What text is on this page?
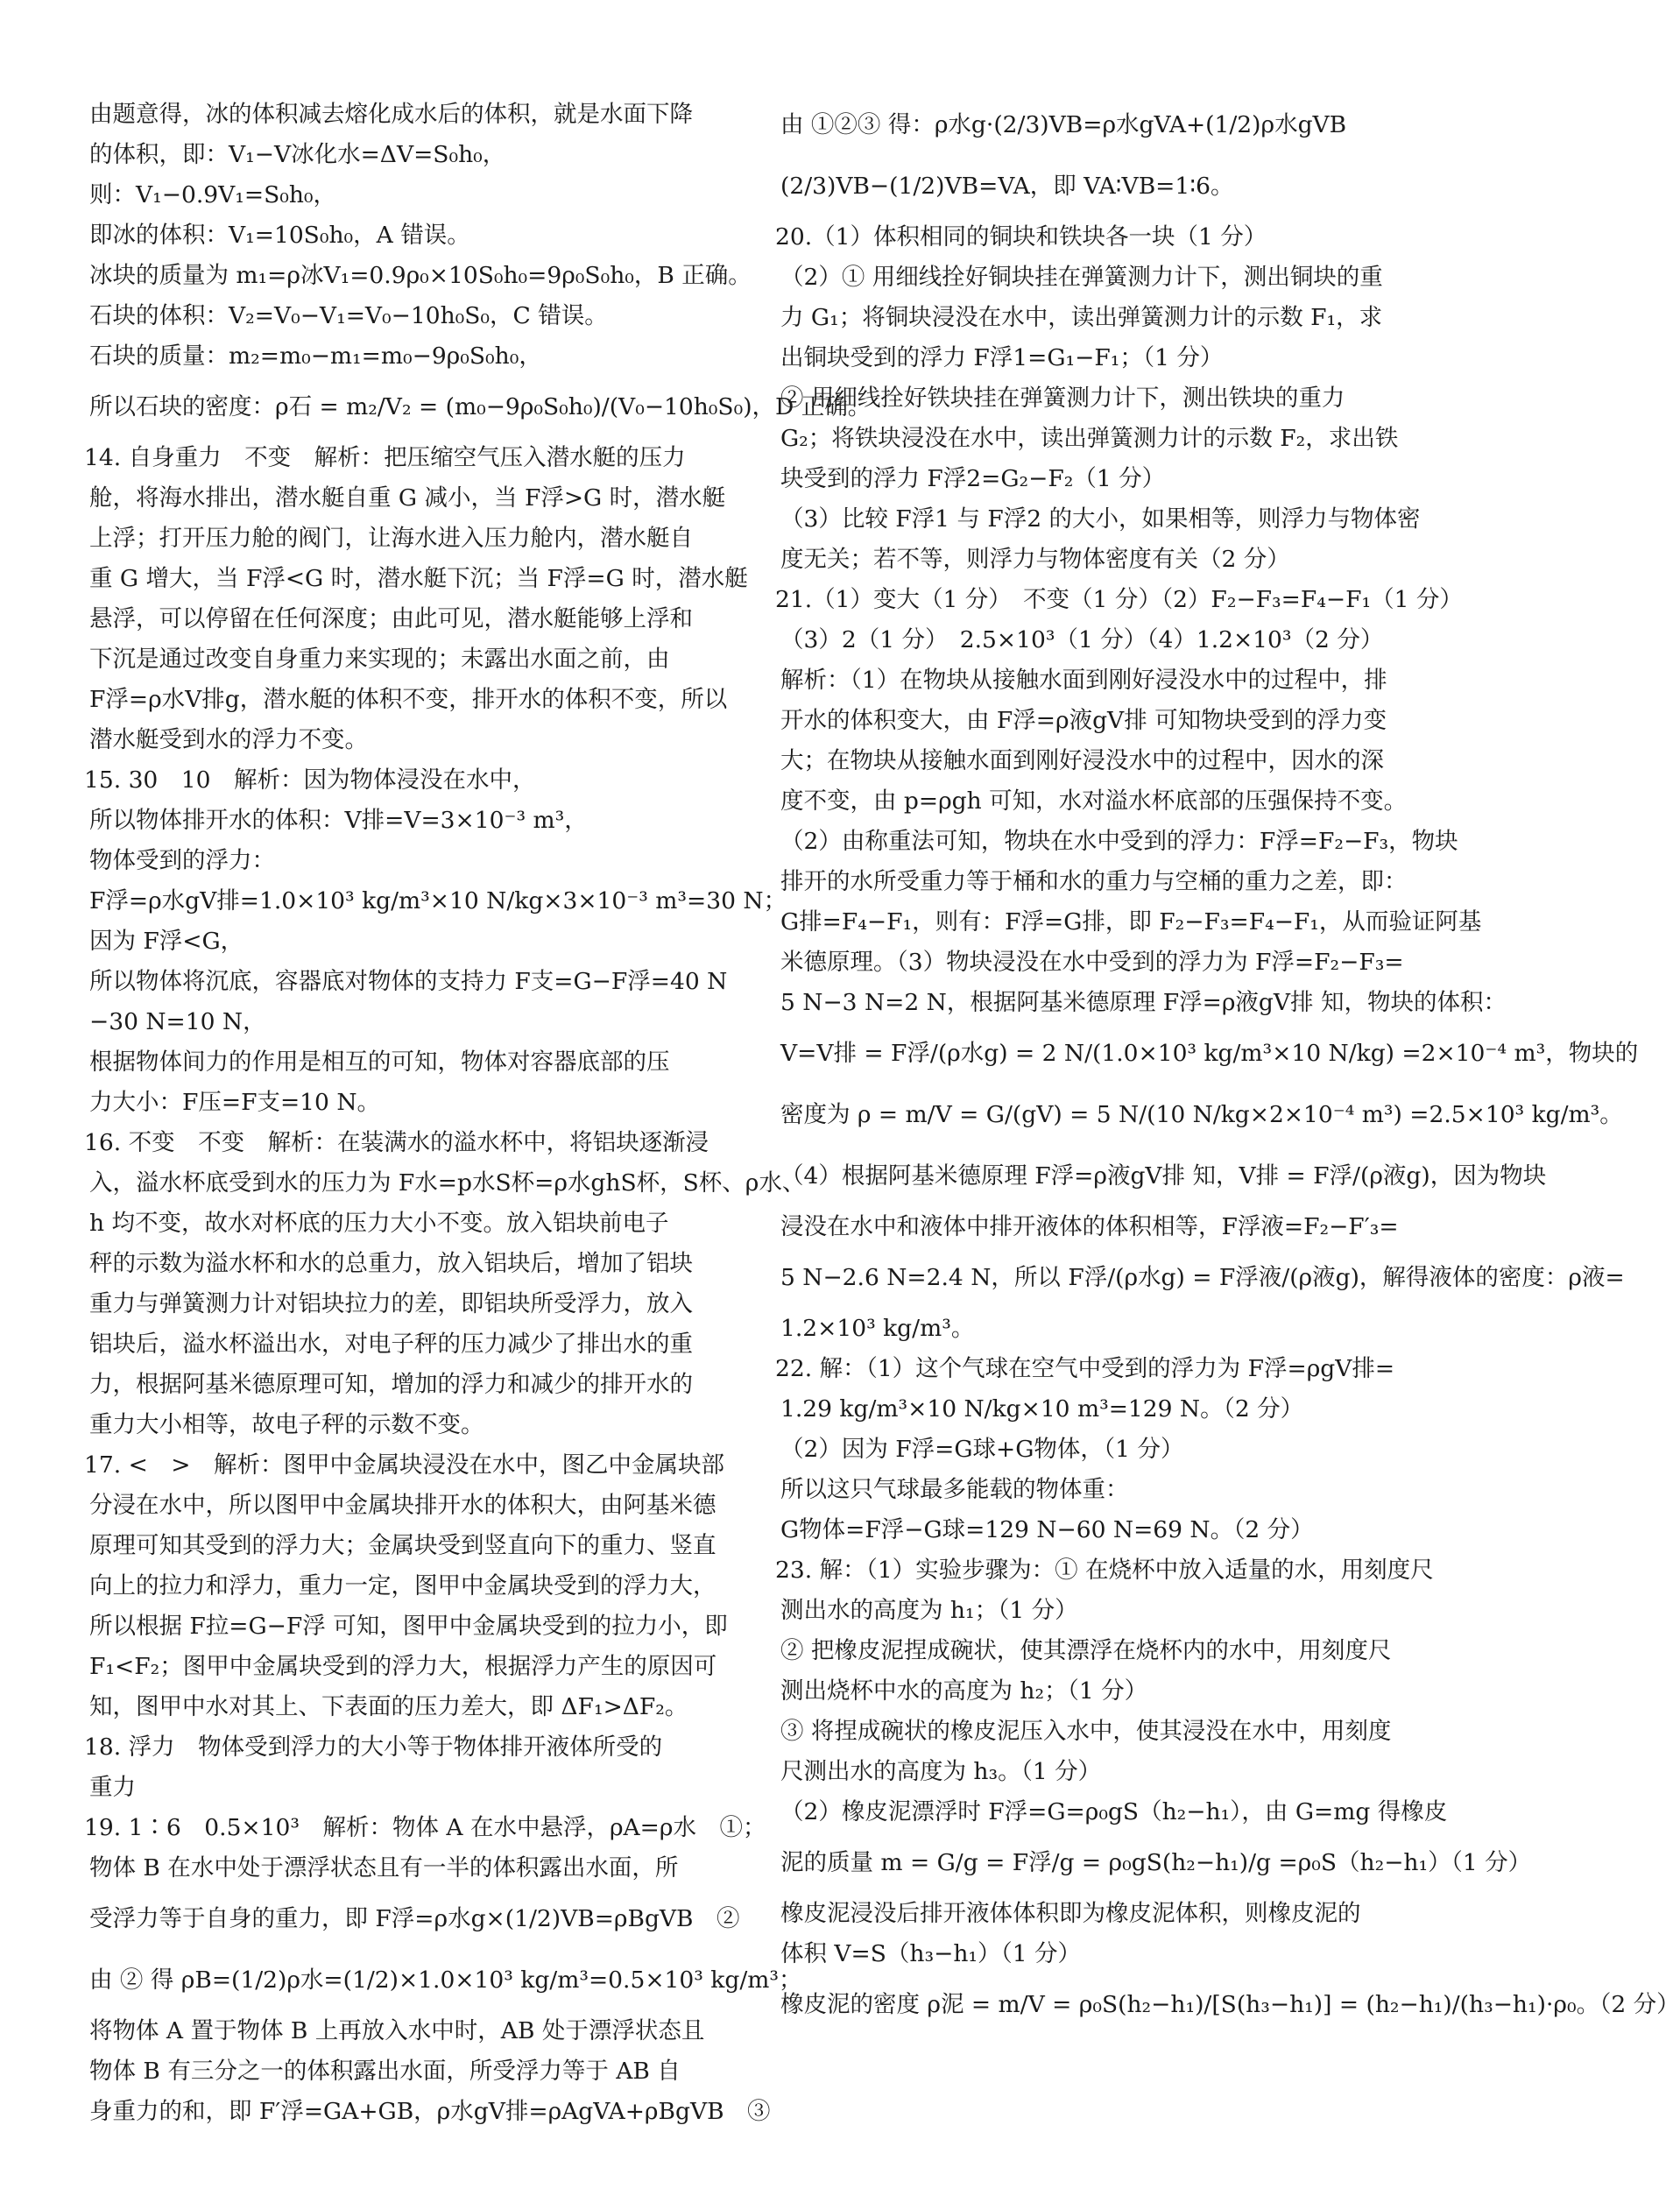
由题意得，冰的体积减去熔化成水后的体积，就是水面下降
的体积，即：V₁−V冰化水=ΔV=S₀h₀，
则：V₁−0.9V₁=S₀h₀，
即冰的体积：V₁=10S₀h₀，A 错误。
冰块的质量为 m₁=ρ冰V₁=0.9ρ₀×10S₀h₀=9ρ₀S₀h₀，B 正确。
石块的体积：V₂=V₀−V₁=V₀−10h₀S₀，C 错误。
石块的质量：m₂=m₀−m₁=m₀−9ρ₀S₀h₀，
所以石块的密度：ρ石 = m₂/V₂ = (m₀−9ρ₀S₀h₀)/(V₀−10h₀S₀)，D 正确。
14. 自身重力　不变　解析：把压缩空气压入潜水艇的压力
舱，将海水排出，潜水艇自重 G 减小，当 F浮>G 时，潜水艇
上浮；打开压力舱的阀门，让海水进入压力舱内，潜水艇自
重 G 增大，当 F浮<G 时，潜水艇下沉；当 F浮=G 时，潜水艇
悬浮，可以停留在任何深度；由此可见，潜水艇能够上浮和
下沉是通过改变自身重力来实现的；未露出水面之前，由
F浮=ρ水V排g，潜水艇的体积不变，排开水的体积不变，所以
潜水艇受到水的浮力不变。
15. 30　10　解析：因为物体浸没在水中，
所以物体排开水的体积：V排=V=3×10⁻³ m³，
物体受到的浮力：
F浮=ρ水gV排=1.0×10³ kg/m³×10 N/kg×3×10⁻³ m³=30 N；
因为 F浮<G，
所以物体将沉底，容器底对物体的支持力 F支=G−F浮=40 N
−30 N=10 N，
根据物体间力的作用是相互的可知，物体对容器底部的压
力大小：F压=F支=10 N。
16. 不变　不变　解析：在装满水的溢水杯中，将铝块逐渐浸
入，溢水杯底受到水的压力为 F水=p水S杯=ρ水ghS杯，S杯、ρ水、
h 均不变，故水对杯底的压力大小不变。放入铝块前电子
秤的示数为溢水杯和水的总重力，放入铝块后，增加了铝块
重力与弹簧测力计对铝块拉力的差，即铝块所受浮力，放入
铝块后，溢水杯溢出水，对电子秤的压力减少了排出水的重
力，根据阿基米德原理可知，增加的浮力和减少的排开水的
重力大小相等，故电子秤的示数不变。
17. <　>　解析：图甲中金属块浸没在水中，图乙中金属块部
分浸在水中，所以图甲中金属块排开水的体积大，由阿基米德
原理可知其受到的浮力大；金属块受到竖直向下的重力、竖直
向上的拉力和浮力，重力一定，图甲中金属块受到的浮力大，
所以根据 F拉=G−F浮 可知，图甲中金属块受到的拉力小，即
F₁<F₂；图甲中金属块受到的浮力大，根据浮力产生的原因可
知，图甲中水对其上、下表面的压力差大，即 ΔF₁>ΔF₂。
18. 浮力　物体受到浮力的大小等于物体排开液体所受的
重力
19. 1∶6　0.5×10³　解析：物体 A 在水中悬浮，ρA=ρ水　①；
物体 B 在水中处于漂浮状态且有一半的体积露出水面，所
受浮力等于自身的重力，即 F浮=ρ水g×(1/2)VB=ρBgVB　②
由 ② 得 ρB=(1/2)ρ水=(1/2)×1.0×10³ kg/m³=0.5×10³ kg/m³；
将物体 A 置于物体 B 上再放入水中时，AB 处于漂浮状态且
物体 B 有三分之一的体积露出水面，所受浮力等于 AB 自
身重力的和，即 F′浮=GA+GB，ρ水gV排=ρAgVA+ρBgVB　③
由 ①②③ 得：ρ水g·(2/3)VB=ρ水gVA+(1/2)ρ水gVB
(2/3)VB−(1/2)VB=VA，即 VA∶VB=1∶6。
20.（1）体积相同的铜块和铁块各一块（1 分）
（2）① 用细线拴好铜块挂在弹簧测力计下，测出铜块的重
力 G₁；将铜块浸没在水中，读出弹簧测力计的示数 F₁，求
出铜块受到的浮力 F浮1=G₁−F₁；（1 分）
② 用细线拴好铁块挂在弹簧测力计下，测出铁块的重力
G₂；将铁块浸没在水中，读出弹簧测力计的示数 F₂，求出铁
块受到的浮力 F浮2=G₂−F₂（1 分）
（3）比较 F浮1 与 F浮2 的大小，如果相等，则浮力与物体密
度无关；若不等，则浮力与物体密度有关（2 分）
21.（1）变大（1 分）　不变（1 分）（2）F₂−F₃=F₄−F₁（1 分）
（3）2（1 分）　2.5×10³（1 分）（4）1.2×10³（2 分）
解析：（1）在物块从接触水面到刚好浸没水中的过程中，排
开水的体积变大，由 F浮=ρ液gV排 可知物块受到的浮力变
大；在物块从接触水面到刚好浸没水中的过程中，因水的深
度不变，由 p=ρgh 可知，水对溢水杯底部的压强保持不变。
（2）由称重法可知，物块在水中受到的浮力：F浮=F₂−F₃，物块
排开的水所受重力等于桶和水的重力与空桶的重力之差，即：
G排=F₄−F₁，则有：F浮=G排，即 F₂−F₃=F₄−F₁，从而验证阿基
米德原理。（3）物块浸没在水中受到的浮力为 F浮=F₂−F₃=
5 N−3 N=2 N，根据阿基米德原理 F浮=ρ液gV排 知，物块的体积：
V=V排 = F浮/(ρ水g) = 2 N/(1.0×10³ kg/m³×10 N/kg) =2×10⁻⁴ m³，物块的
密度为 ρ = m/V = G/(gV) = 5 N/(10 N/kg×2×10⁻⁴ m³) =2.5×10³ kg/m³。
（4）根据阿基米德原理 F浮=ρ液gV排 知，V排 = F浮/(ρ液g)，因为物块
浸没在水中和液体中排开液体的体积相等，F浮液=F₂−F′₃=
5 N−2.6 N=2.4 N，所以 F浮/(ρ水g) = F浮液/(ρ液g)，解得液体的密度：ρ液=
1.2×10³ kg/m³。
22. 解：（1）这个气球在空气中受到的浮力为 F浮=ρgV排=
1.29 kg/m³×10 N/kg×10 m³=129 N。（2 分）
（2）因为 F浮=G球+G物体，（1 分）
所以这只气球最多能载的物体重：
G物体=F浮−G球=129 N−60 N=69 N。（2 分）
23. 解：（1）实验步骤为：① 在烧杯中放入适量的水，用刻度尺
测出水的高度为 h₁；（1 分）
② 把橡皮泥捏成碗状，使其漂浮在烧杯内的水中，用刻度尺
测出烧杯中水的高度为 h₂；（1 分）
③ 将捏成碗状的橡皮泥压入水中，使其浸没在水中，用刻度
尺测出水的高度为 h₃。（1 分）
（2）橡皮泥漂浮时 F浮=G=ρ₀gS（h₂−h₁），由 G=mg 得橡皮
泥的质量 m = G/g = F浮/g = ρ₀gS(h₂−h₁)/g =ρ₀S（h₂−h₁）（1 分）
橡皮泥浸没后排开液体体积即为橡皮泥体积，则橡皮泥的
体积 V=S（h₃−h₁）（1 分）
橡皮泥的密度 ρ泥 = m/V = ρ₀S(h₂−h₁)/[S(h₃−h₁)] = (h₂−h₁)/(h₃−h₁)·ρ₀。（2 分）
